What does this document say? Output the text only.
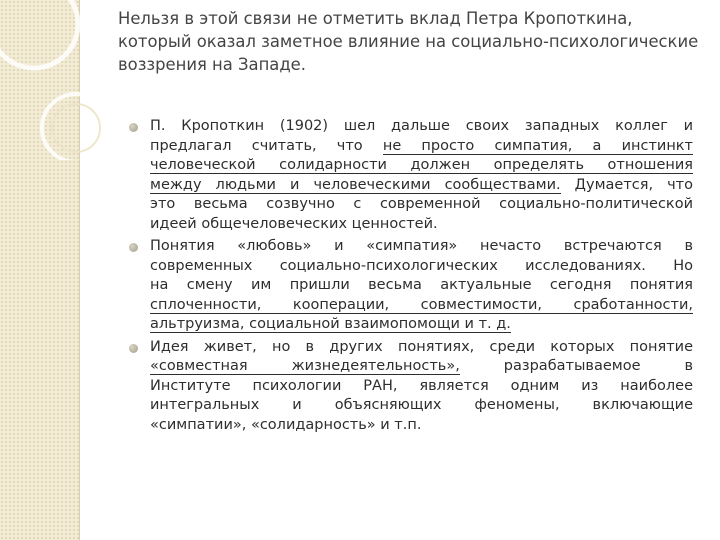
Нельзя в этой связи не отметить вклад Петра Кропоткина,
который оказал заметное влияние на социально-психологические
воззрения на Западе.
П. Кропоткин (1902) шел дальше своих западных коллег и
предлагал считать, что не просто симпатия, а инстинкт
человеческой солидарности должен определять отношения
между людьми и человеческими сообществами. Думается, что
это весьма созвучно с современной социально-политической
идеей общечеловеческих ценностей.
Понятия «любовь» и «симпатия» нечасто встречаются в
современных социально-психологических исследованиях. Но
на смену им пришли весьма актуальные сегодня понятия
сплоченности, кооперации, совместимости, сработанности,
альтруизма, социальной взаимопомощи и т. д.
Идея живет, но в других понятиях, среди которых понятие
«совместная жизнедеятельность», разрабатываемое в
Институте психологии РАН, является одним из наиболее
интегральных и объясняющих феномены, включающие
«симпатии», «солидарность» и т.п.
